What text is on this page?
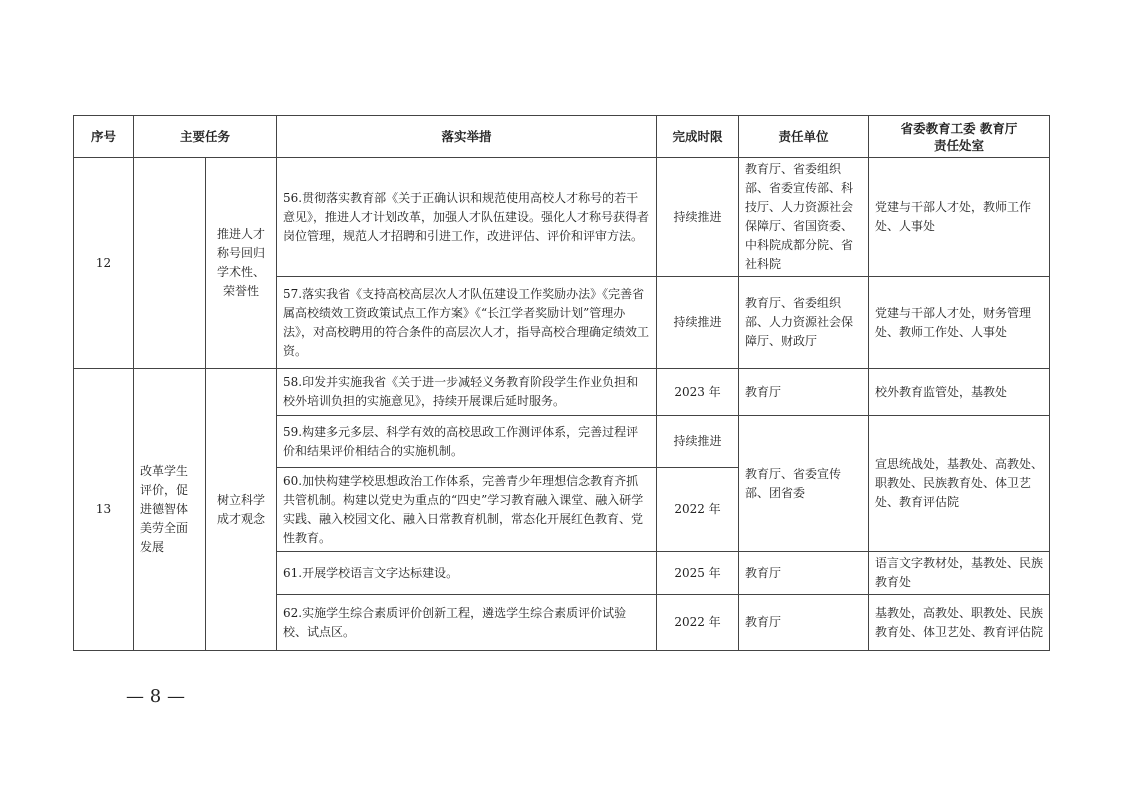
序号	主要任务		落实举措	完成时限	责任单位	省委教育工委 教育厅
责任处室

12		推进人才
称号回归
学术性、
荣誉性	56.贯彻落实教育部《关于正确认识和规范使用高校人才称号的若干意见》，推进人才计划改革，加强人才队伍建设。强化人才称号获得者岗位管理，规范人才招聘和引进工作，改进评估、评价和评审方法。	持续推进	教育厅、省委组织部、省委宣传部、科技厅、人力资源社会保障厅、省国资委、中科院成都分院、省社科院	党建与干部人才处，教师工作处、人事处
			57.落实我省《支持高校高层次人才队伍建设工作奖励办法》《完善省属高校绩效工资政策试点工作方案》《“长江学者奖励计划”管理办法》，对高校聘用的符合条件的高层次人才，指导高校合理确定绩效工资。	持续推进	教育厅、省委组织部、人力资源社会保障厅、财政厅	党建与干部人才处，财务管理处、教师工作处、人事处
13	改革学生
评价，促
进德智体
美劳全面
发展	树立科学
成才观念	58.印发并实施我省《关于进一步减轻义务教育阶段学生作业负担和校外培训负担的实施意见》，持续开展课后延时服务。	2023 年	教育厅	校外教育监管处，基教处
			59.构建多元多层、科学有效的高校思政工作测评体系，完善过程评价和结果评价相结合的实施机制。	持续推进	教育厅、省委宣传部、团省委	宣思统战处，基教处、高教处、职教处、民族教育处、体卫艺处、教育评估院
			60.加快构建学校思想政治工作体系，完善青少年理想信念教育齐抓共管机制。构建以党史为重点的“四史”学习教育融入课堂、融入研学实践、融入校园文化、融入日常教育机制，常态化开展红色教育、党性教育。	2022 年		
			61.开展学校语言文字达标建设。	2025 年	教育厅	语言文字教材处，基教处、民族教育处
			62.实施学生综合素质评价创新工程，遴选学生综合素质评价试验校、试点区。	2022 年	教育厅	基教处，高教处、职教处、民族教育处、体卫艺处、教育评估院
— 8 —
